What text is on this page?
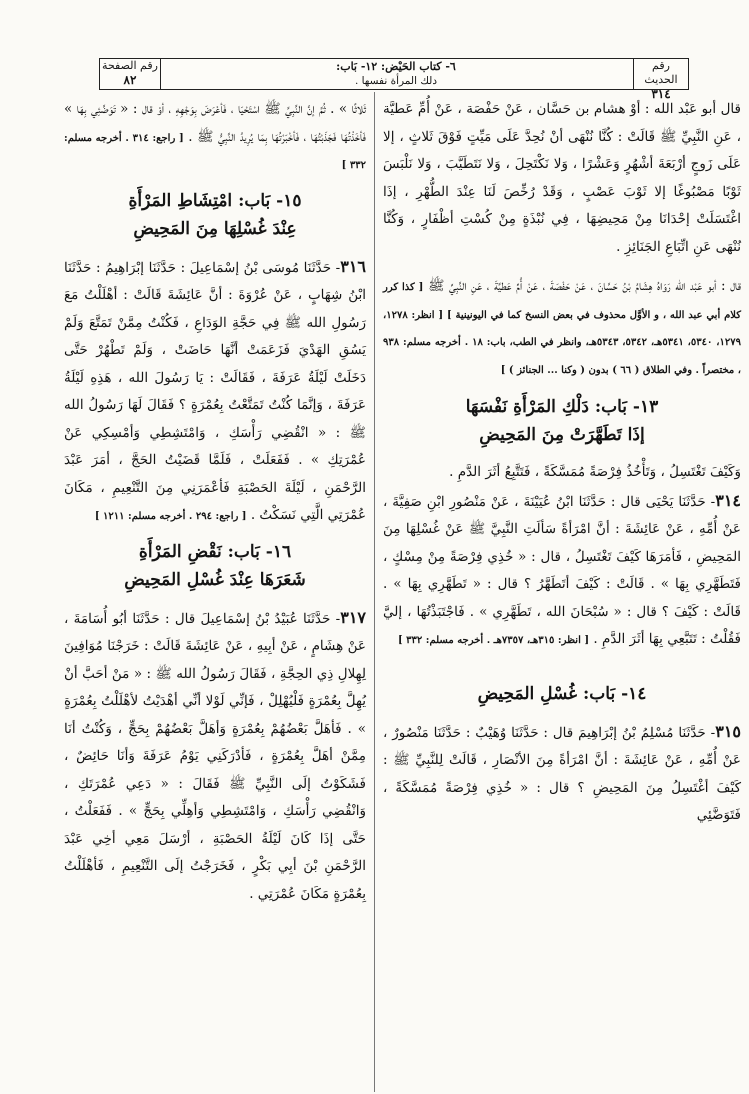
رقم الحديث
٣١٤
٦- كتاب الحَيْض: ١٢- بَاب:
دلك المرأة نفسها .
رقم الصفحة
٨٢

قال أبو عَبْد الله : أوْ هشام بن حَسَّان ، عَنْ حَفْصَة ، عَنْ أُمِّ عَطيَّة ، عَنِ النَّبِيِّ ﷺ قَالَتْ : كُنَّا نُنْهَى أنْ نُحِدَّ عَلَى مَيِّتٍ فَوْقَ ثَلاثٍ ، إلا عَلَى زَوجٍ أرْبَعَةَ أشْهُرٍ وَعَشْرًا ، وَلا نَكْتَحِلَ ، وَلا نَتَطَيَّبَ ، وَلا نَلْبَسَ ثَوْبًا مَصْبُوغًا إلا ثَوْبَ عَصْبٍ ، وَقَدْ رُخِّصَ لَنَا عِنْدَ الطُّهْرِ ، إذَا اغْتَسَلَتْ إحْدَانَا مِنْ مَحِيضِهَا ، فِي نُبْذَةٍ مِنْ كُسْتِ أظْفَارٍ ، وَكُنَّا نُنْهَى عَنِ اتِّبَاعِ الجَنَائِزِ .

قال : أبو عَبْد الله رَوَاهُ هِشَامُ بْنُ حَسَّانَ ، عَنْ حَفْصَةَ ، عَنْ أُمِّ عَطيَّةَ ، عَنِ النَّبِيِّ ﷺ [ كذا كرر كلام أبي عبد الله ، و الأوَّل محذوف في بعض النسخ كما في اليونينية ] [ انظر: ١٢٧٨، ١٢٧٩، ٥٣٤٠، ٥٣٤١هـ، ٥٣٤٢، ٥٣٤٣هـ، وانظر في الطب، باب: ١٨ . أخرجه مسلم: ٩٣٨ ، مختصراً . وفي الطلاق ( ٦٦ ) بدون ( وكنا ... الجنائز ) ]

١٣- بَاب: دَلْكِ المَرْأَةِ نَفْسَهَا
إذَا تَطَهَّرَتْ مِنَ المَحِيضِ

وَكَيْفَ تَغْتَسِلُ ، وَتَأْخُذُ فِرْصَةً مُمَسَّكَةً ، فَتَتَّبِعُ أثَرَ الدَّمِ .

٣١٤- حَدَّثَنَا يَحْيَى قال : حَدَّثَنَا ابْنُ عُيَيْنَةَ ، عَنْ مَنْصُورِ ابْنِ صَفِيَّةَ ، عَنْ أُمِّهِ ، عَنْ عَائِشَةَ : أنَّ امْرَأةً سَألَتِ النَّبِيَّ ﷺ عَنْ غُسْلِهَا مِنَ المَحِيضِ ، فَأمَرَهَا كَيْفَ تَغْتَسِلُ ، قال : « خُذِي فِرْصَةً مِنْ مِسْكٍ ، فَتَطَهَّرِي بِهَا » . قَالَتْ : كَيْفَ أتَطَهَّرُ ؟ قال : « تَطَهَّرِي بِهَا » . قَالَتْ : كَيْفَ ؟ قال : « سُبْحَانَ الله ، تَطَهَّرِي » . فَاجْتَبَذْتُهَا ، إليَّ فَقُلْتُ : تَتَبَّعِي بِهَا أثَرَ الدَّمِ . [ انظر: ٣١٥هـ، ٧٣٥٧هـ . أخرجه مسلم: ٣٣٢ ]

١٤- بَاب: غُسْلِ المَحِيضِ

٣١٥- حَدَّثَنَا مُسْلِمُ بْنُ إبْرَاهِيمَ قال : حَدَّثَنَا وُهَيْبٌ : حَدَّثَنَا مَنْصُورٌ ، عَنْ أُمِّهِ ، عَنْ عَائِشَةَ : أنَّ امْرَأةً مِنَ الأنْصَارِ ، قَالَتْ لِلنَّبِيِّ ﷺ : كَيْفَ أغْتَسِلُ مِنَ المَحِيضِ ؟ قال : « خُذِي فِرْصَةً مُمَسَّكَةً ، فَتَوَضَّئِي

ثَلاثًا » . ثُمَّ إنَّ النَّبِيَّ ﷺ اسْتَحْيَا ، فَأعْرَضَ بِوَجْهِهِ ، أوْ قال : « تَوَضَّئِي بِهَا » فَأخَذْتُهَا فَجَذَبْتُهَا ، فَأخْبَرْتُهَا بِمَا يُرِيدُ النَّبِيُّ ﷺ . [ راجع: ٣١٤ . أخرجه مسلم: ٣٣٢ ]

١٥- بَاب: امْتِشَاطِ المَرْأَةِ
عِنْدَ غُسْلِهَا مِنَ المَحِيضِ

٣١٦- حَدَّثَنَا مُوسَى بْنُ إسْمَاعِيلَ : حَدَّثَنَا إبْرَاهِيمُ : حَدَّثَنَا ابْنُ شِهَابٍ ، عَنْ عُرْوَةَ : أنَّ عَائِشَةَ قَالَتْ : أهْلَلْتُ مَعَ رَسُولِ الله ﷺ فِي حَجَّةِ الوَدَاعِ ، فَكُنْتُ مِمَّنْ تَمَتَّعَ وَلَمْ يَسُقِ الهَدْيَ فَزَعَمَتْ أنَّهَا حَاضَتْ ، وَلَمْ تَطْهُرْ حَتَّى دَخَلَتْ لَيْلَةُ عَرَفَةَ ، فَقَالَتْ : يَا رَسُولَ الله ، هَذِهِ لَيْلَةُ عَرَفَةَ ، وَإنَّمَا كُنْتُ تَمَتَّعْتُ بِعُمْرَةٍ ؟ فَقَالَ لَهَا رَسُولُ الله ﷺ : « انْقُضِي رَأْسَكِ ، وَامْتَشِطِي وَأمْسِكِي عَنْ عُمْرَتِكِ » . فَفَعَلَتْ ، فَلَمَّا قَضَيْتُ الحَجَّ ، أمَرَ عَبْدَ الرَّحْمَنِ ، لَيْلَةَ الحَصْبَةِ فَأعْمَرَنِي مِنَ التَّنْعِيمِ ، مَكَانَ عُمْرَتِي الَّتِي نَسَكْتُ . [ راجع: ٢٩٤ . أخرجه مسلم: ١٢١١ ]

١٦- بَاب: نَقْضِ المَرْأَةِ
شَعَرَهَا عِنْدَ غُسْلِ المَحِيضِ

٣١٧- حَدَّثَنَا عُبَيْدُ بْنُ إسْمَاعِيلَ قال : حَدَّثَنَا أبُو أُسَامَةَ ، عَنْ هِشَامٍ ، عَنْ أبِيهِ ، عَنْ عَائِشَةَ قَالَتْ : خَرَجْنَا مُوَافِينَ لِهِلالِ ذِي الحِجَّةِ ، فَقَالَ رَسُولُ الله ﷺ : « مَنْ أحَبَّ أنْ يُهِلَّ بِعُمْرَةٍ فَلْيُهْلِلْ ، فَإنِّي لَوْلا أنِّي أهْدَيْتُ لأهْلَلْتُ بِعُمْرَةٍ » . فَأهَلَّ بَعْضُهُمْ بِعُمْرَةٍ وَأهَلَّ بَعْضُهُمْ بِحَجٍّ ، وَكُنْتُ أنَا مِمَّنْ أهَلَّ بِعُمْرَةٍ ، فَأدْرَكَنِي يَوْمُ عَرَفَةَ وَأنَا حَائِضٌ ، فَشَكَوْتُ إلَى النَّبِيِّ ﷺ فَقَالَ : « دَعِي عُمْرَتَكِ ، وَانْقُضِي رَأْسَكِ ، وَامْتَشِطِي وَأهِلِّي بِحَجٍّ » . فَفَعَلْتُ ، حَتَّى إذَا كَانَ لَيْلَةُ الحَصْبَةِ ، أرْسَلَ مَعِي أخِي عَبْدَ الرَّحْمَنِ بْنَ أبِي بَكْرٍ ، فَخَرَجْتُ إلَى التَّنْعِيمِ ، فَأهْلَلْتُ بِعُمْرَةٍ مَكَانَ عُمْرَتِي .
